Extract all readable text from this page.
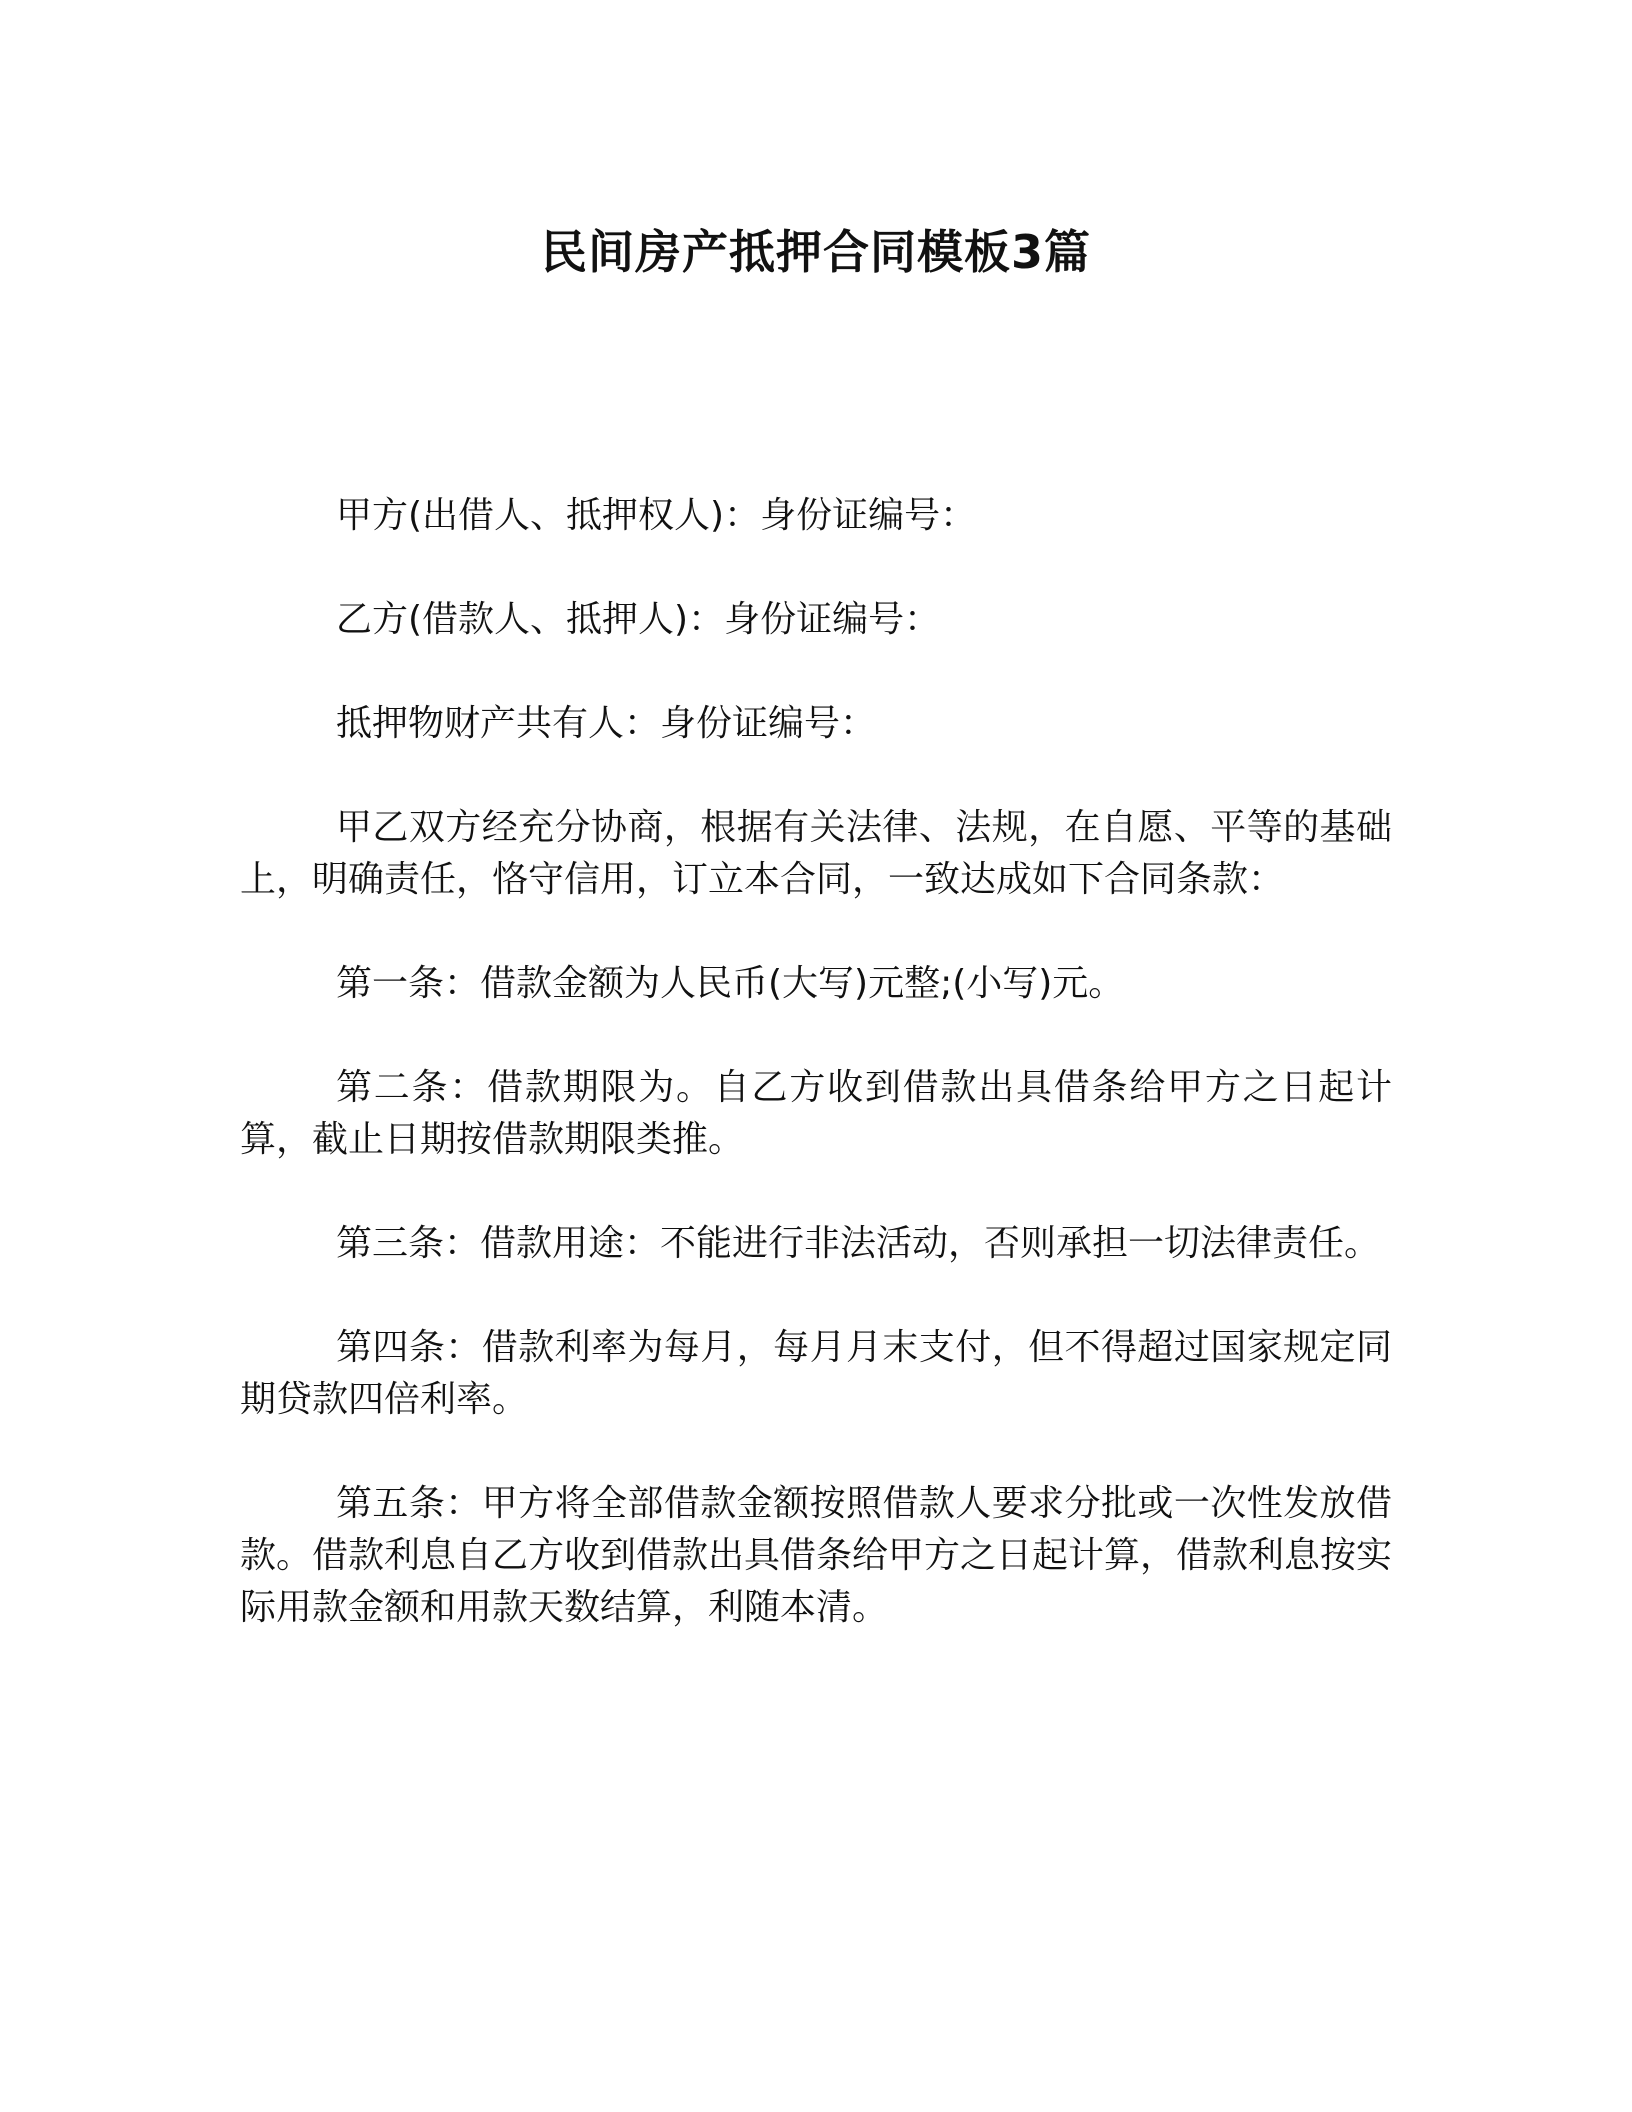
民间房产抵押合同模板3篇

甲方(出借人、抵押权人)：身份证编号：

乙方(借款人、抵押人)：身份证编号：

抵押物财产共有人：身份证编号：

甲乙双方经充分协商，根据有关法律、法规，在自愿、平等的基础上，明确责任，恪守信用，订立本合同，一致达成如下合同条款：

第一条：借款金额为人民币(大写)元整;(小写)元。

第二条：借款期限为。自乙方收到借款出具借条给甲方之日起计算，截止日期按借款期限类推。

第三条：借款用途：不能进行非法活动，否则承担一切法律责任。

第四条：借款利率为每月，每月月末支付，但不得超过国家规定同期贷款四倍利率。

第五条：甲方将全部借款金额按照借款人要求分批或一次性发放借款。借款利息自乙方收到借款出具借条给甲方之日起计算，借款利息按实际用款金额和用款天数结算，利随本清。
